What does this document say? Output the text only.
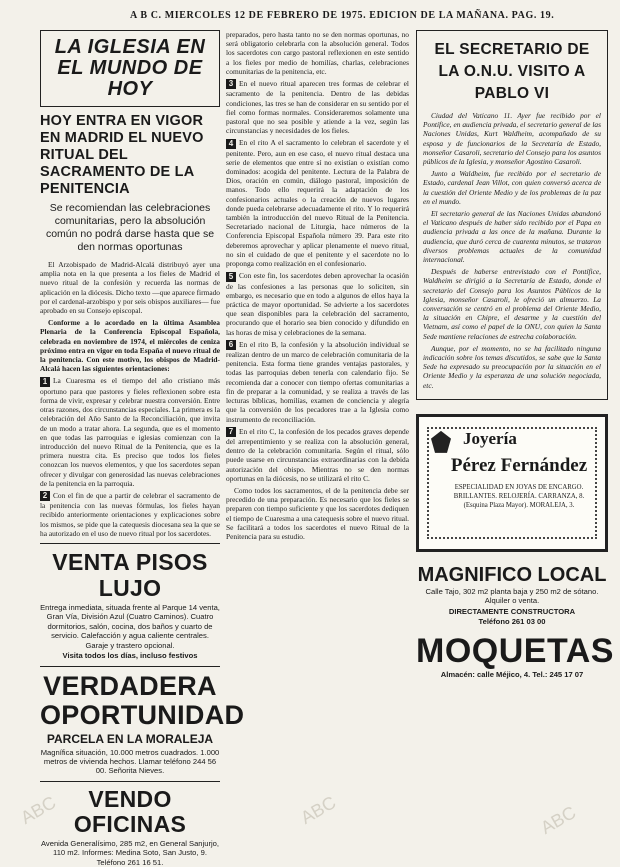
A B C. MIERCOLES 12 DE FEBRERO DE 1975. EDICION DE LA MAÑANA. PAG. 19.
LA IGLESIA EN EL MUNDO DE HOY
HOY ENTRA EN VIGOR EN MADRID EL NUEVO RITUAL DEL SACRAMENTO DE LA PENITENCIA
Se recomiendan las celebraciones comunitarias, pero la absolución común no podrá darse hasta que se den normas oportunas

El Arzobispado de Madrid-Alcalá distribuyó ayer una amplia nota en la que presenta a los fieles de Madrid el nuevo ritual de la confesión y recuerda las normas de aplicación en la diócesis. Dicho texto —que aparece firmado por el cardenal-arzobispo y por seis obispos auxiliares— fue aprobado en su Consejo episcopal.

Conforme a lo acordado en la última Asamblea Plenaria de la Conferencia Episcopal Española, celebrada en noviembre de 1974, el miércoles de ceniza próximo entra en vigor en toda España el nuevo ritual de la penitencia. Con este motivo, los obispos de Madrid-Alcalá hacen las siguientes orientaciones:

1 La Cuaresma es el tiempo del año cristiano más oportuno para que pastores y fieles reflexionen sobre esta forma de vivir, expresar y celebrar nuestra conversión. Entre otras razones, dos circunstancias especiales. La primera es la celebración del Año Santo de la Reconciliación, que invita de un modo a tratar ahora. La segunda, que es el momento en que todas las parroquias e iglesias comienzan con la introducción del nuevo Ritual de la Penitencia, que es la primera nuestra cita. Es preciso que todos los fieles conozcan los nuevos elementos, y que los sacerdotes sepan ofrecer y divulgar con generosidad las nuevas celebraciones de la penitencia en la parroquia.

2 Con el fin de que a partir de celebrar el sacramento de la penitencia con las nuevas fórmulas, los fieles hayan recibido anteriormente orientaciones y explicaciones sobre los mismos, se pide que la catequesis diocesana sea la que se ha autorizado en el uso de nuevo ritual por los sacerdotes.

VENTA PISOS LUJO
Entrega inmediata, situada frente al Parque 14 venta, Gran Vía, División Azul (Cuatro Caminos). Cuatro dormitorios, salón, cocina, dos baños y cuarto de servicio. Calefacción y agua caliente centrales. Garaje y trastero opcional.
Visita todos los días, incluso festivos
VERDADERA OPORTUNIDAD
PARCELA EN LA MORALEJA
Magnífica situación, 10.000 metros cuadrados. 1.000 metros de vivienda hechos. Llamar teléfono 244 56 00. Señorita Nieves.
VENDO OFICINAS
Avenida Generalísimo, 285 m2, en General Sanjurjo, 110 m2. Informes: Medina Soto, San Justo, 9. Teléfono 261 16 51.

preparados, pero hasta tanto no se den normas oportunas, no será obligatorio celebrarla con la absolución general. Todos los sacerdotes con cargo pastoral reflexionen en este sentido a los fieles por medio de homilías, charlas, celebraciones comunitarias de la penitencia, etc.

3 En el nuevo ritual aparecen tres formas de celebrar el sacramento de la penitencia. Dentro de las debidas condiciones, las tres se han de considerar en su sentido por el fiel como formas normales. Consideraremos solamente una pastoral que no sea posible y atiende a la vez, según las circunstancias y necesidades de los fieles.

4 En el rito A el sacramento lo celebran el sacerdote y el penitente. Pero, aun en ese caso, el nuevo ritual destaca una serie de elementos que entre sí no existían o existían como dominados: acogida del penitente. Lectura de la Palabra de Dios, oración en común, diálogo pastoral, imposición de manos. Todo ello requerirá la adaptación de los confesionarios actuales o la creación de nuevos lugares donde pueda celebrarse adecuadamente el rito. Y lo requerirá también la introducción del nuevo Ritual de la Penitencia. Secretariado nacional de Liturgia, hace números de la Conferencia Episcopal Española número 39. Para este rito deberemos aprovechar y aplicar plenamente el nuevo ritual, no sin el cuidado de que el penitente y el sacerdote no lo proponga como realización en el confesionario.

5 Con este fin, los sacerdotes deben aprovechar la ocasión de las confesiones a las personas que lo soliciten, sin embargo, es necesario que en todo a algunos de ellos haya la práctica de mayor oportunidad. Se advierte a los sacerdotes que sean disponibles para la celebración del sacramento, procurando que el horario sea bien conocido y difundido en las horas de misa y celebraciones de la semana.

6 En el rito B, la confesión y la absolución individual se realizan dentro de un marco de celebración comunitaria de la penitencia. Esta forma tiene grandes ventajas pastorales, y todas las parroquias deben tenerla con calendario fijo. Se recomienda dar a conocer con tiempo ofertas comunitarias a fin de preparar a la comunidad, y se realiza a través de las lecturas bíblicas, homilías, examen de conciencia y alegría que la conversión de los pecadores trae a la Iglesia como instrumento de reconciliación.

7 En el rito C, la confesión de los pecados graves depende del arrepentimiento y se realiza con la absolución general, dentro de la celebración comunitaria. Según el ritual, sólo puede usarse en circunstancias extraordinarias con la debida autorización del obispo. Mientras no se den normas oportunas en la diócesis, no se utilizará el rito C.

Como todos los sacramentos, el de la penitencia debe ser precedido de una preparación. Es necesario que los fieles se preparen con tiempo suficiente y que los sacerdotes dediquen el tiempo de Cuaresma a una catequesis sobre el nuevo ritual. Se facilitará a todos los sacerdotes el nuevo Ritual de la Penitencia para su estudio.

EL SECRETARIO DE LA O.N.U. VISITO A PABLO VI

Ciudad del Vaticano 11. Ayer fue recibido por el Pontífice, en audiencia privada, el secretario general de las Naciones Unidas, Kurt Waldheim, acompañado de su esposa y de funcionarios de la Secretaría de Estado, monseñor Casaroli, secretario del Consejo para los asuntos públicos de la Iglesia, y monseñor Agostino Casaroli.

Junto a Waldheim, fue recibido por el secretario de Estado, cardenal Jean Villot, con quien conversó acerca de la cuestión del Oriente Medio y de los problemas de la paz en el mundo.

El secretario general de las Naciones Unidas abandonó el Vaticano después de haber sido recibido por el Papa en audiencia privada a las once de la mañana. Durante la audiencia, que duró cerca de cuarenta minutos, se trataron diversos problemas actuales de la comunidad internacional.

Después de haberse entrevistado con el Pontífice, Waldheim se dirigió a la Secretaría de Estado, donde el secretario del Consejo para los Asuntos Públicos de la Iglesia, monseñor Casaroli, le ofreció un almuerzo. La conversación se centró en el problema del Oriente Medio, la situación en Chipre, el desarme y la cuestión del Vietnam, así como el papel de la ONU, con quien la Santa Sede mantiene relaciones de estrecha colaboración.

Aunque, por el momento, no se ha facilitado ninguna indicación sobre los temas discutidos, se sabe que la Santa Sede ha expresado su preocupación por la situación en el Oriente Medio y la esperanza de una solución negociada, etc.

Joyería
Pérez Fernández
ESPECIALIDAD EN JOYAS DE ENCARGO. BRILLANTES. RELOJERÍA. CARRANZA, 8. (Esquina Plaza Mayor). MORALEJA, 3.
MAGNIFICO LOCAL
Calle Tajo, 302 m2 planta baja y 250 m2 de sótano. Alquiler o venta.
DIRECTAMENTE CONSTRUCTORA
Teléfono 261 03 00
MOQUETAS
Almacén: calle Méjico, 4. Tel.: 245 17 07
ABC	ABC	ABC
